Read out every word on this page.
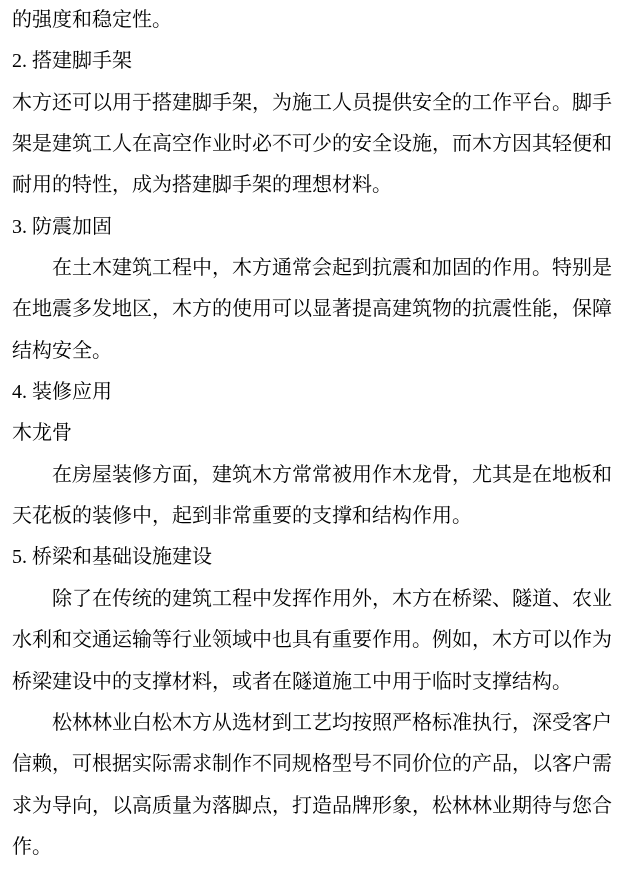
的强度和稳定性。
2. 搭建脚手架
木方还可以用于搭建脚手架，为施工人员提供安全的工作平台。脚手
架是建筑工人在高空作业时必不可少的安全设施，而木方因其轻便和
耐用的特性，成为搭建脚手架的理想材料。
3. 防震加固
在土木建筑工程中，木方通常会起到抗震和加固的作用。特别是
在地震多发地区，木方的使用可以显著提高建筑物的抗震性能，保障
结构安全。
4. 装修应用
木龙骨
在房屋装修方面，建筑木方常常被用作木龙骨，尤其是在地板和
天花板的装修中，起到非常重要的支撑和结构作用。
5. 桥梁和基础设施建设
除了在传统的建筑工程中发挥作用外，木方在桥梁、隧道、农业
水利和交通运输等行业领域中也具有重要作用。例如，木方可以作为
桥梁建设中的支撑材料，或者在隧道施工中用于临时支撑结构。
松林林业白松木方从选材到工艺均按照严格标准执行，深受客户
信赖，可根据实际需求制作不同规格型号不同价位的产品，以客户需
求为导向，以高质量为落脚点，打造品牌形象，松林林业期待与您合
作。
